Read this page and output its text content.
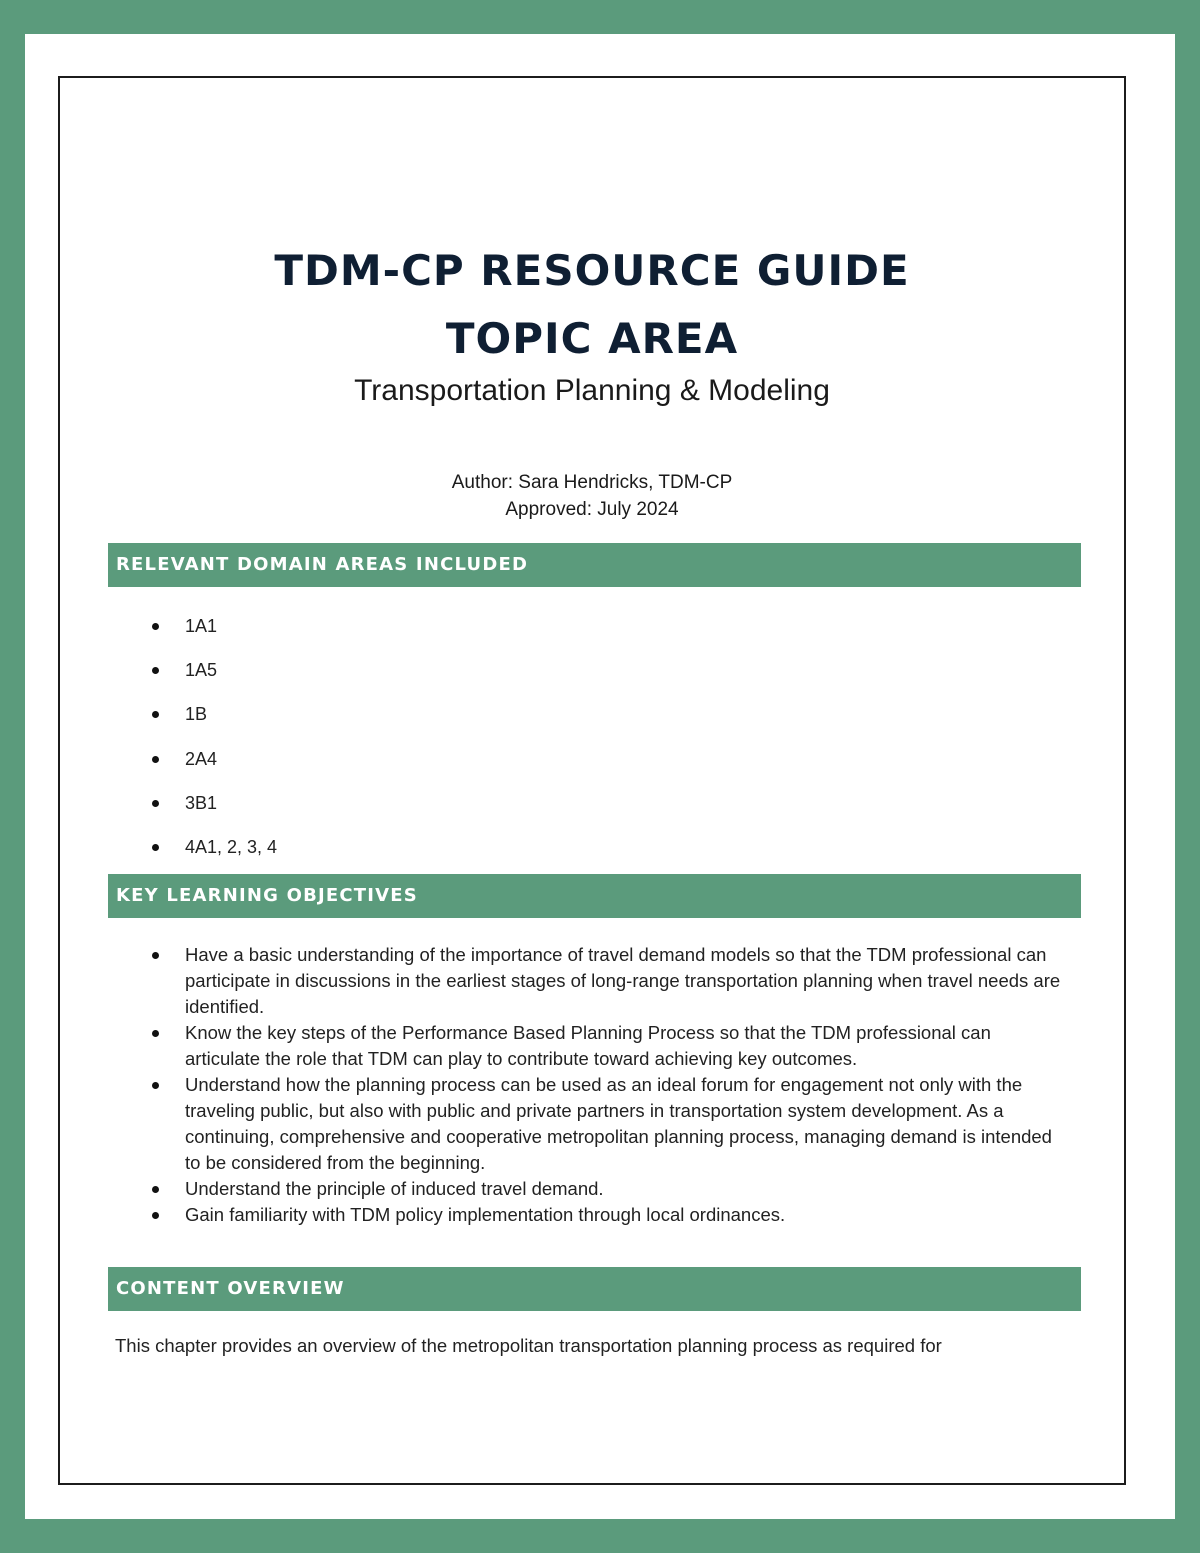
TDM-CP RESOURCE GUIDE
TOPIC AREA
Transportation Planning & Modeling
Author: Sara Hendricks, TDM-CP
Approved: July 2024
RELEVANT DOMAIN AREAS INCLUDED
1A1
1A5
1B
2A4
3B1
4A1, 2, 3, 4
KEY LEARNING OBJECTIVES
Have a basic understanding of the importance of travel demand models so that the TDM professional can participate in discussions in the earliest stages of long-range transportation planning when travel needs are identified.
Know the key steps of the Performance Based Planning Process so that the TDM professional can articulate the role that TDM can play to contribute toward achieving key outcomes.
Understand how the planning process can be used as an ideal forum for engagement not only with the traveling public, but also with public and private partners in transportation system development. As a continuing, comprehensive and cooperative metropolitan planning process, managing demand is intended to be considered from the beginning.
Understand the principle of induced travel demand.
Gain familiarity with TDM policy implementation through local ordinances.
CONTENT OVERVIEW

This chapter provides an overview of the metropolitan transportation planning process as required for
